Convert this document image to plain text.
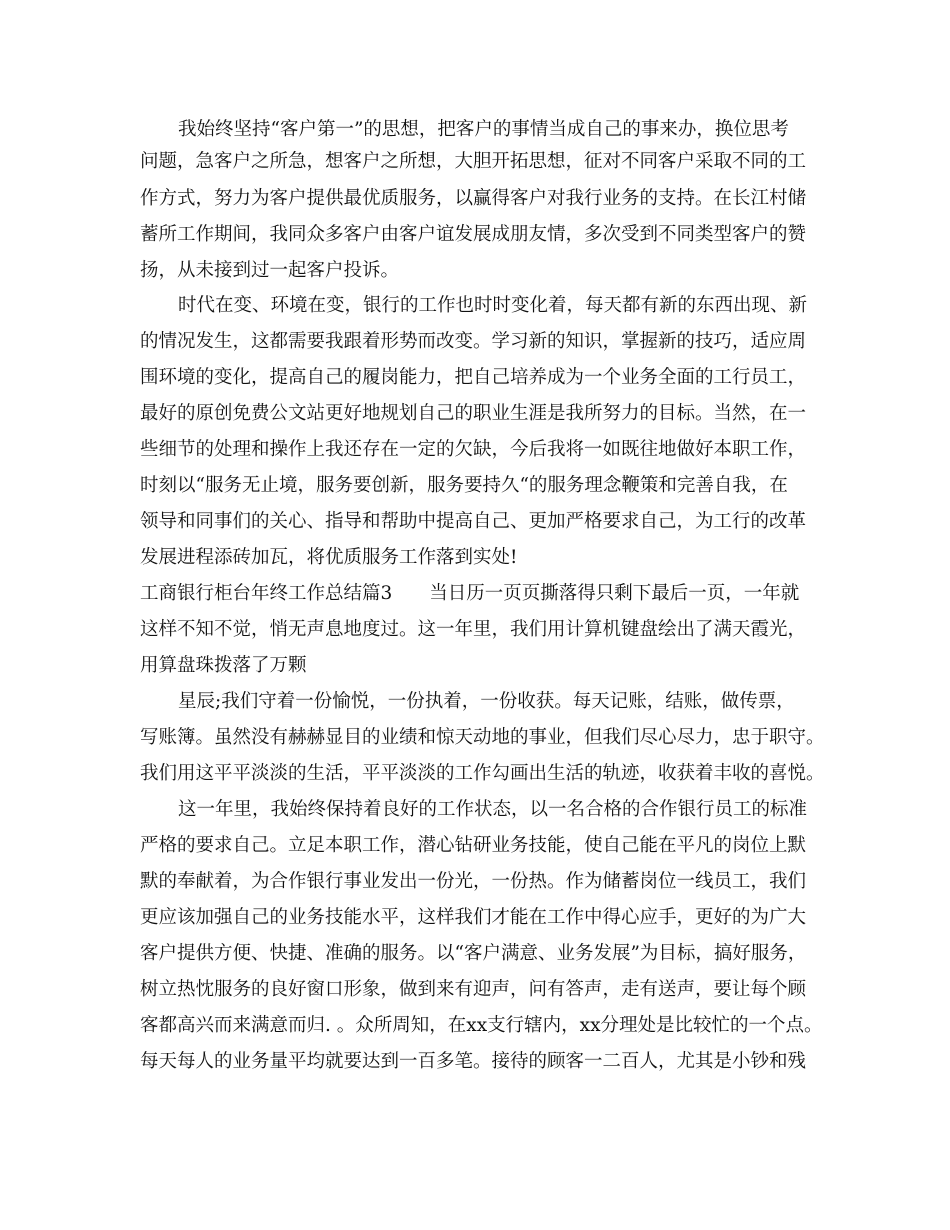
我始终坚持“客户第一”的思想，把客户的事情当成自己的事来办，换位思考

问题，急客户之所急，想客户之所想，大胆开拓思想，征对不同客户采取不同的工

作方式，努力为客户提供最优质服务，以赢得客户对我行业务的支持。在长江村储

蓄所工作期间，我同众多客户由客户谊发展成朋友情，多次受到不同类型客户的赞

扬，从未接到过一起客户投诉。

时代在变、环境在变，银行的工作也时时变化着，每天都有新的东西出现、新

的情况发生，这都需要我跟着形势而改变。学习新的知识，掌握新的技巧，适应周

围环境的变化，提高自己的履岗能力，把自己培养成为一个业务全面的工行员工，

最好的原创免费公文站更好地规划自己的职业生涯是我所努力的目标。当然，在一

些细节的处理和操作上我还存在一定的欠缺，今后我将一如既往地做好本职工作，

时刻以“服务无止境，服务要创新，服务要持久“的服务理念鞭策和完善自我，在

领导和同事们的关心、指导和帮助中提高自己、更加严格要求自己，为工行的改革

发展进程添砖加瓦，将优质服务工作落到实处!

工商银行柜台年终工作总结篇3　　当日历一页页撕落得只剩下最后一页，一年就

这样不知不觉，悄无声息地度过。这一年里，我们用计算机键盘绘出了满天霞光，

用算盘珠拨落了万颗

星辰;我们守着一份愉悦，一份执着，一份收获。每天记账，结账，做传票，

写账簿。虽然没有赫赫显目的业绩和惊天动地的事业，但我们尽心尽力，忠于职守。

我们用这平平淡淡的生活，平平淡淡的工作勾画出生活的轨迹，收获着丰收的喜悦。

这一年里，我始终保持着良好的工作状态，以一名合格的合作银行员工的标准

严格的要求自己。立足本职工作，潜心钻研业务技能，使自己能在平凡的岗位上默

默的奉献着，为合作银行事业发出一份光，一份热。作为储蓄岗位一线员工，我们

更应该加强自己的业务技能水平，这样我们才能在工作中得心应手，更好的为广大

客户提供方便、快捷、准确的服务。以“客户满意、业务发展”为目标，搞好服务，

树立热忱服务的良好窗口形象，做到来有迎声，问有答声，走有送声，要让每个顾

客都高兴而来满意而归. 。众所周知，在xx支行辖内，xx分理处是比较忙的一个点。

每天每人的业务量平均就要达到一百多笔。接待的顾客一二百人，尤其是小钞和残
